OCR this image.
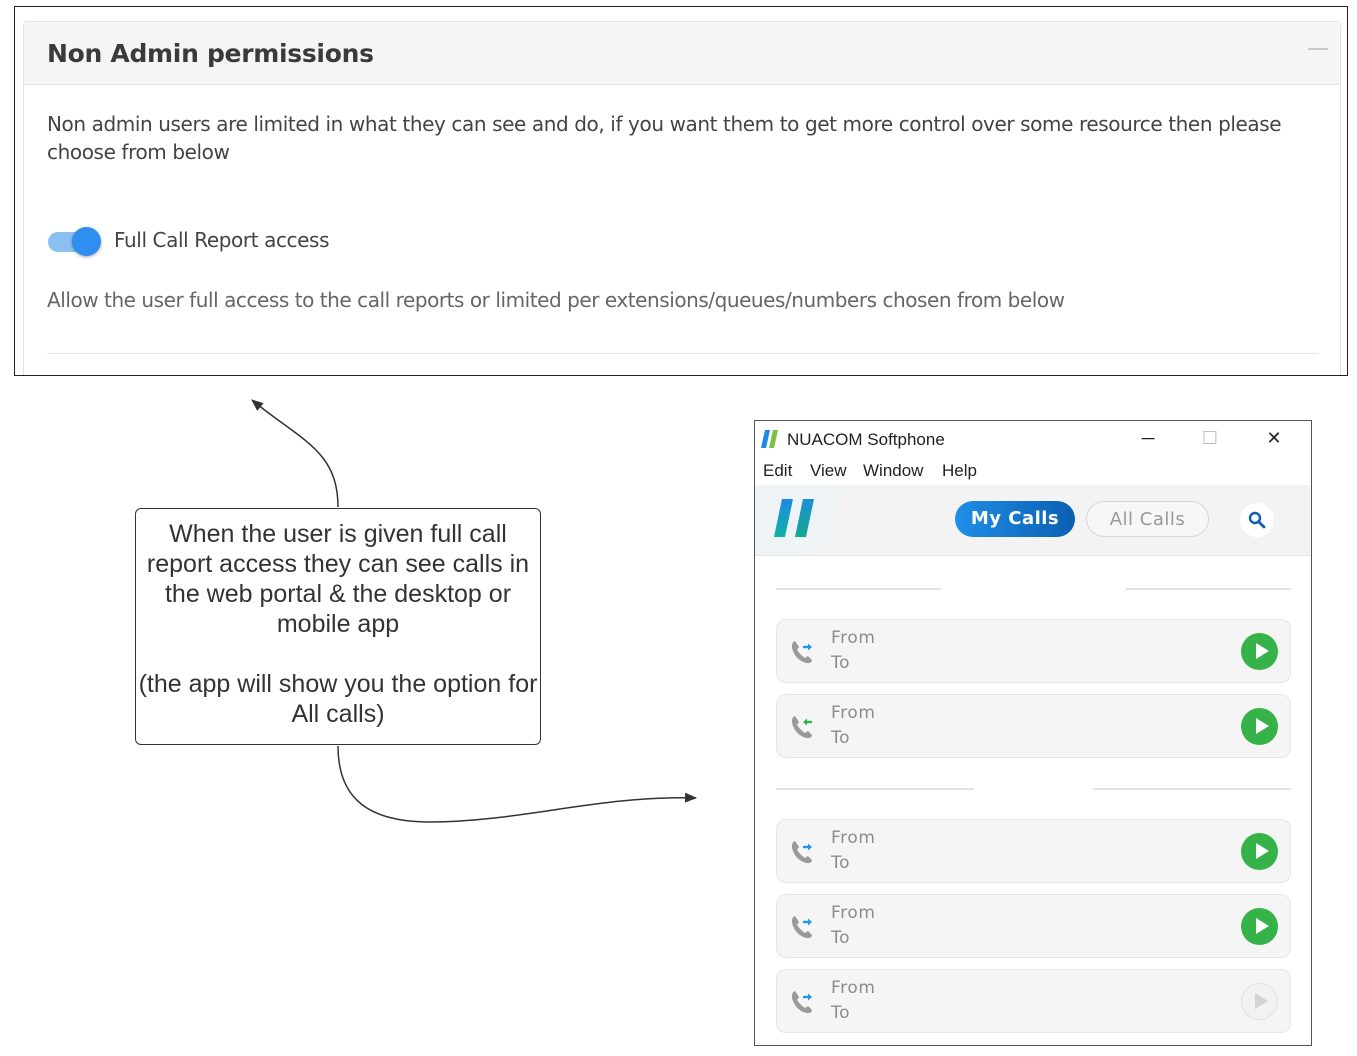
Non Admin permissions
Non admin users are limited in what they can see and do, if you want them to get more control over some resource then please choose from below
Full Call Report access
Allow the user full access to the call reports or limited per extensions/queues/numbers chosen from below

When the user is given full call report access they can see calls in the web portal & the desktop or mobile app

(the app will show you the option for All calls)

NUACOM Softphone	─	☐	✕
Edit View Window Help
My Calls	All Calls
From
To
From
To
From
To
From
To
From
To
